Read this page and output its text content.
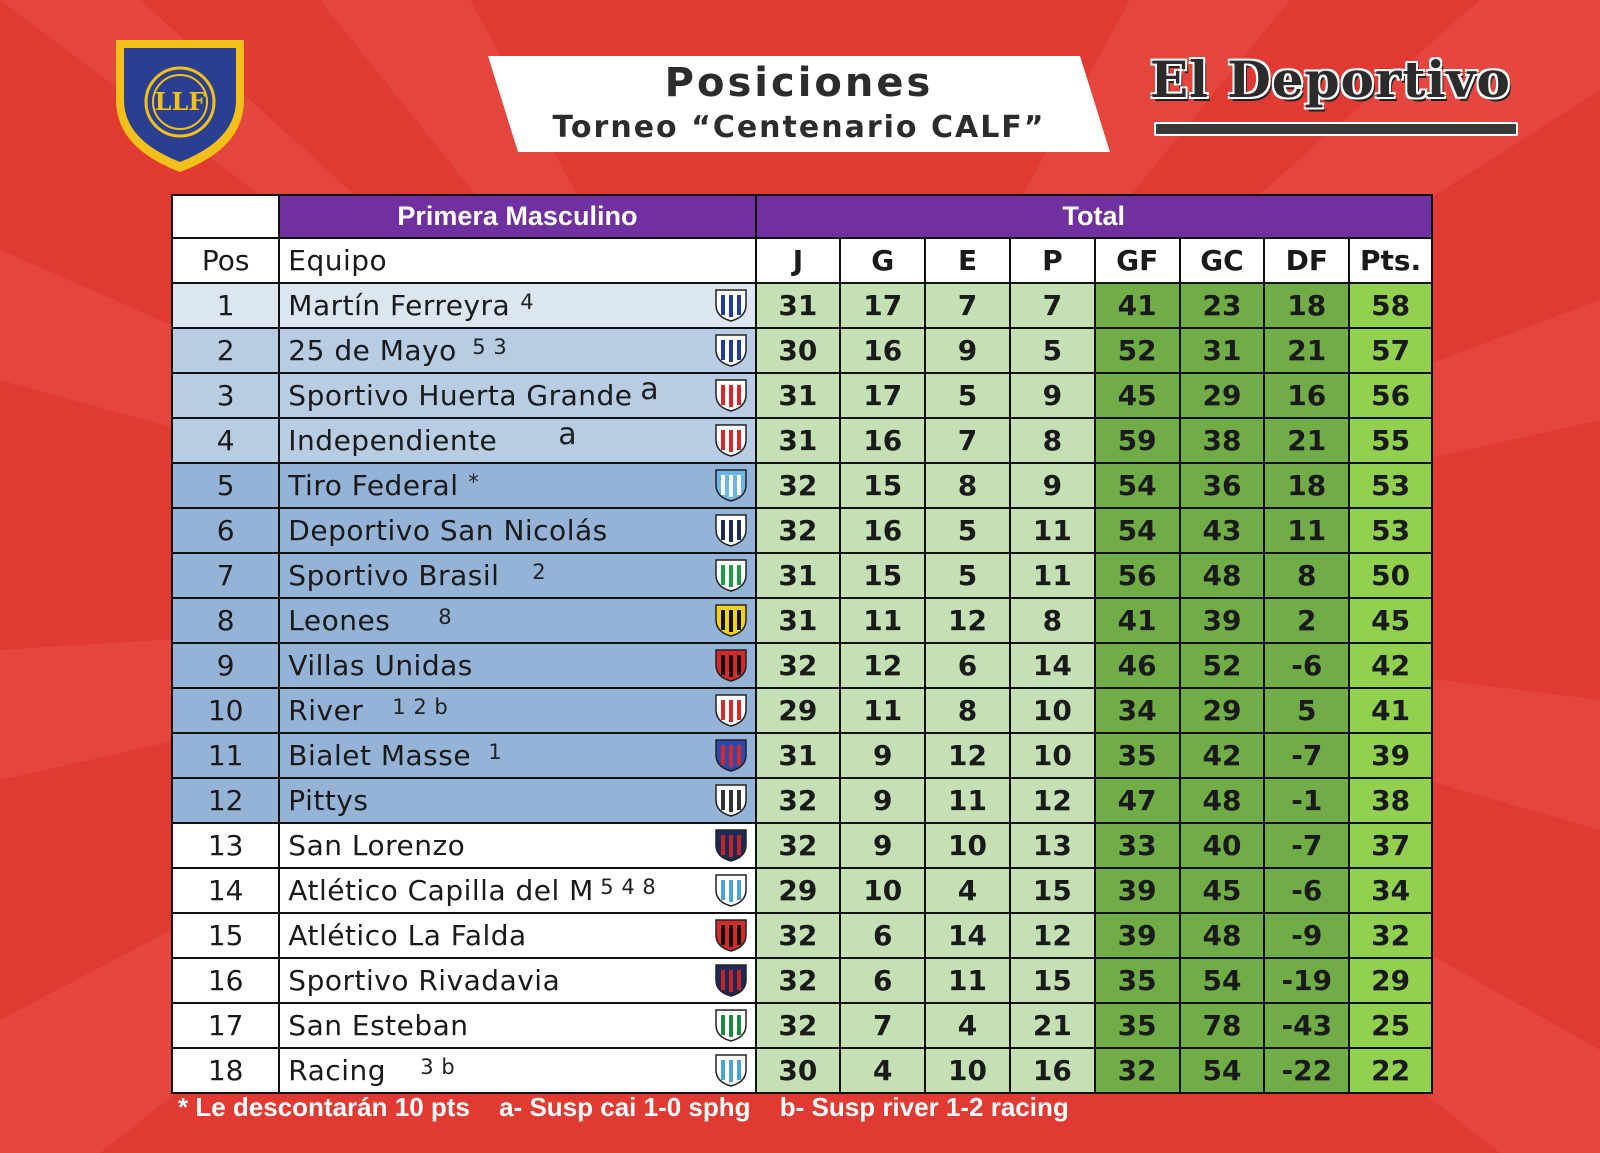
LLF	Posiciones
Torneo “Centenario CALF”
El Deportivo
	Primera Masculino	Total							
Pos	Equipo	J	G	E	P	GF	GC	DF	Pts.
1	Martín Ferreyra 4	31	17	7	7	41	23	18	58
2	25 de Mayo 5 3	30	16	9	5	52	31	21	57
3	Sportivo Huerta Grande a	31	17	5	9	45	29	16	56
4	Independiente a	31	16	7	8	59	38	21	55
5	Tiro Federal *	32	15	8	9	54	36	18	53
6	Deportivo San Nicolás	32	16	5	11	54	43	11	53
7	Sportivo Brasil 2	31	15	5	11	56	48	8	50
8	Leones 8	31	11	12	8	41	39	2	45
9	Villas Unidas	32	12	6	14	46	52	-6	42
10	River 1 2 b	29	11	8	10	34	29	5	41
11	Bialet Masse 1	31	9	12	10	35	42	-7	39
12	Pittys	32	9	11	12	47	48	-1	38
13	San Lorenzo	32	9	10	13	33	40	-7	37
14	Atlético Capilla del M 5 4 8	29	10	4	15	39	45	-6	34
15	Atlético La Falda	32	6	14	12	39	48	-9	32
16	Sportivo Rivadavia	32	6	11	15	35	54	-19	29
17	San Esteban	32	7	4	21	35	78	-43	25
18	Racing 3 b	30	4	10	16	32	54	-22	22
* Le descontarán 10 pts a- Susp cai 1-0 sphg b- Susp river 1-2 racing
